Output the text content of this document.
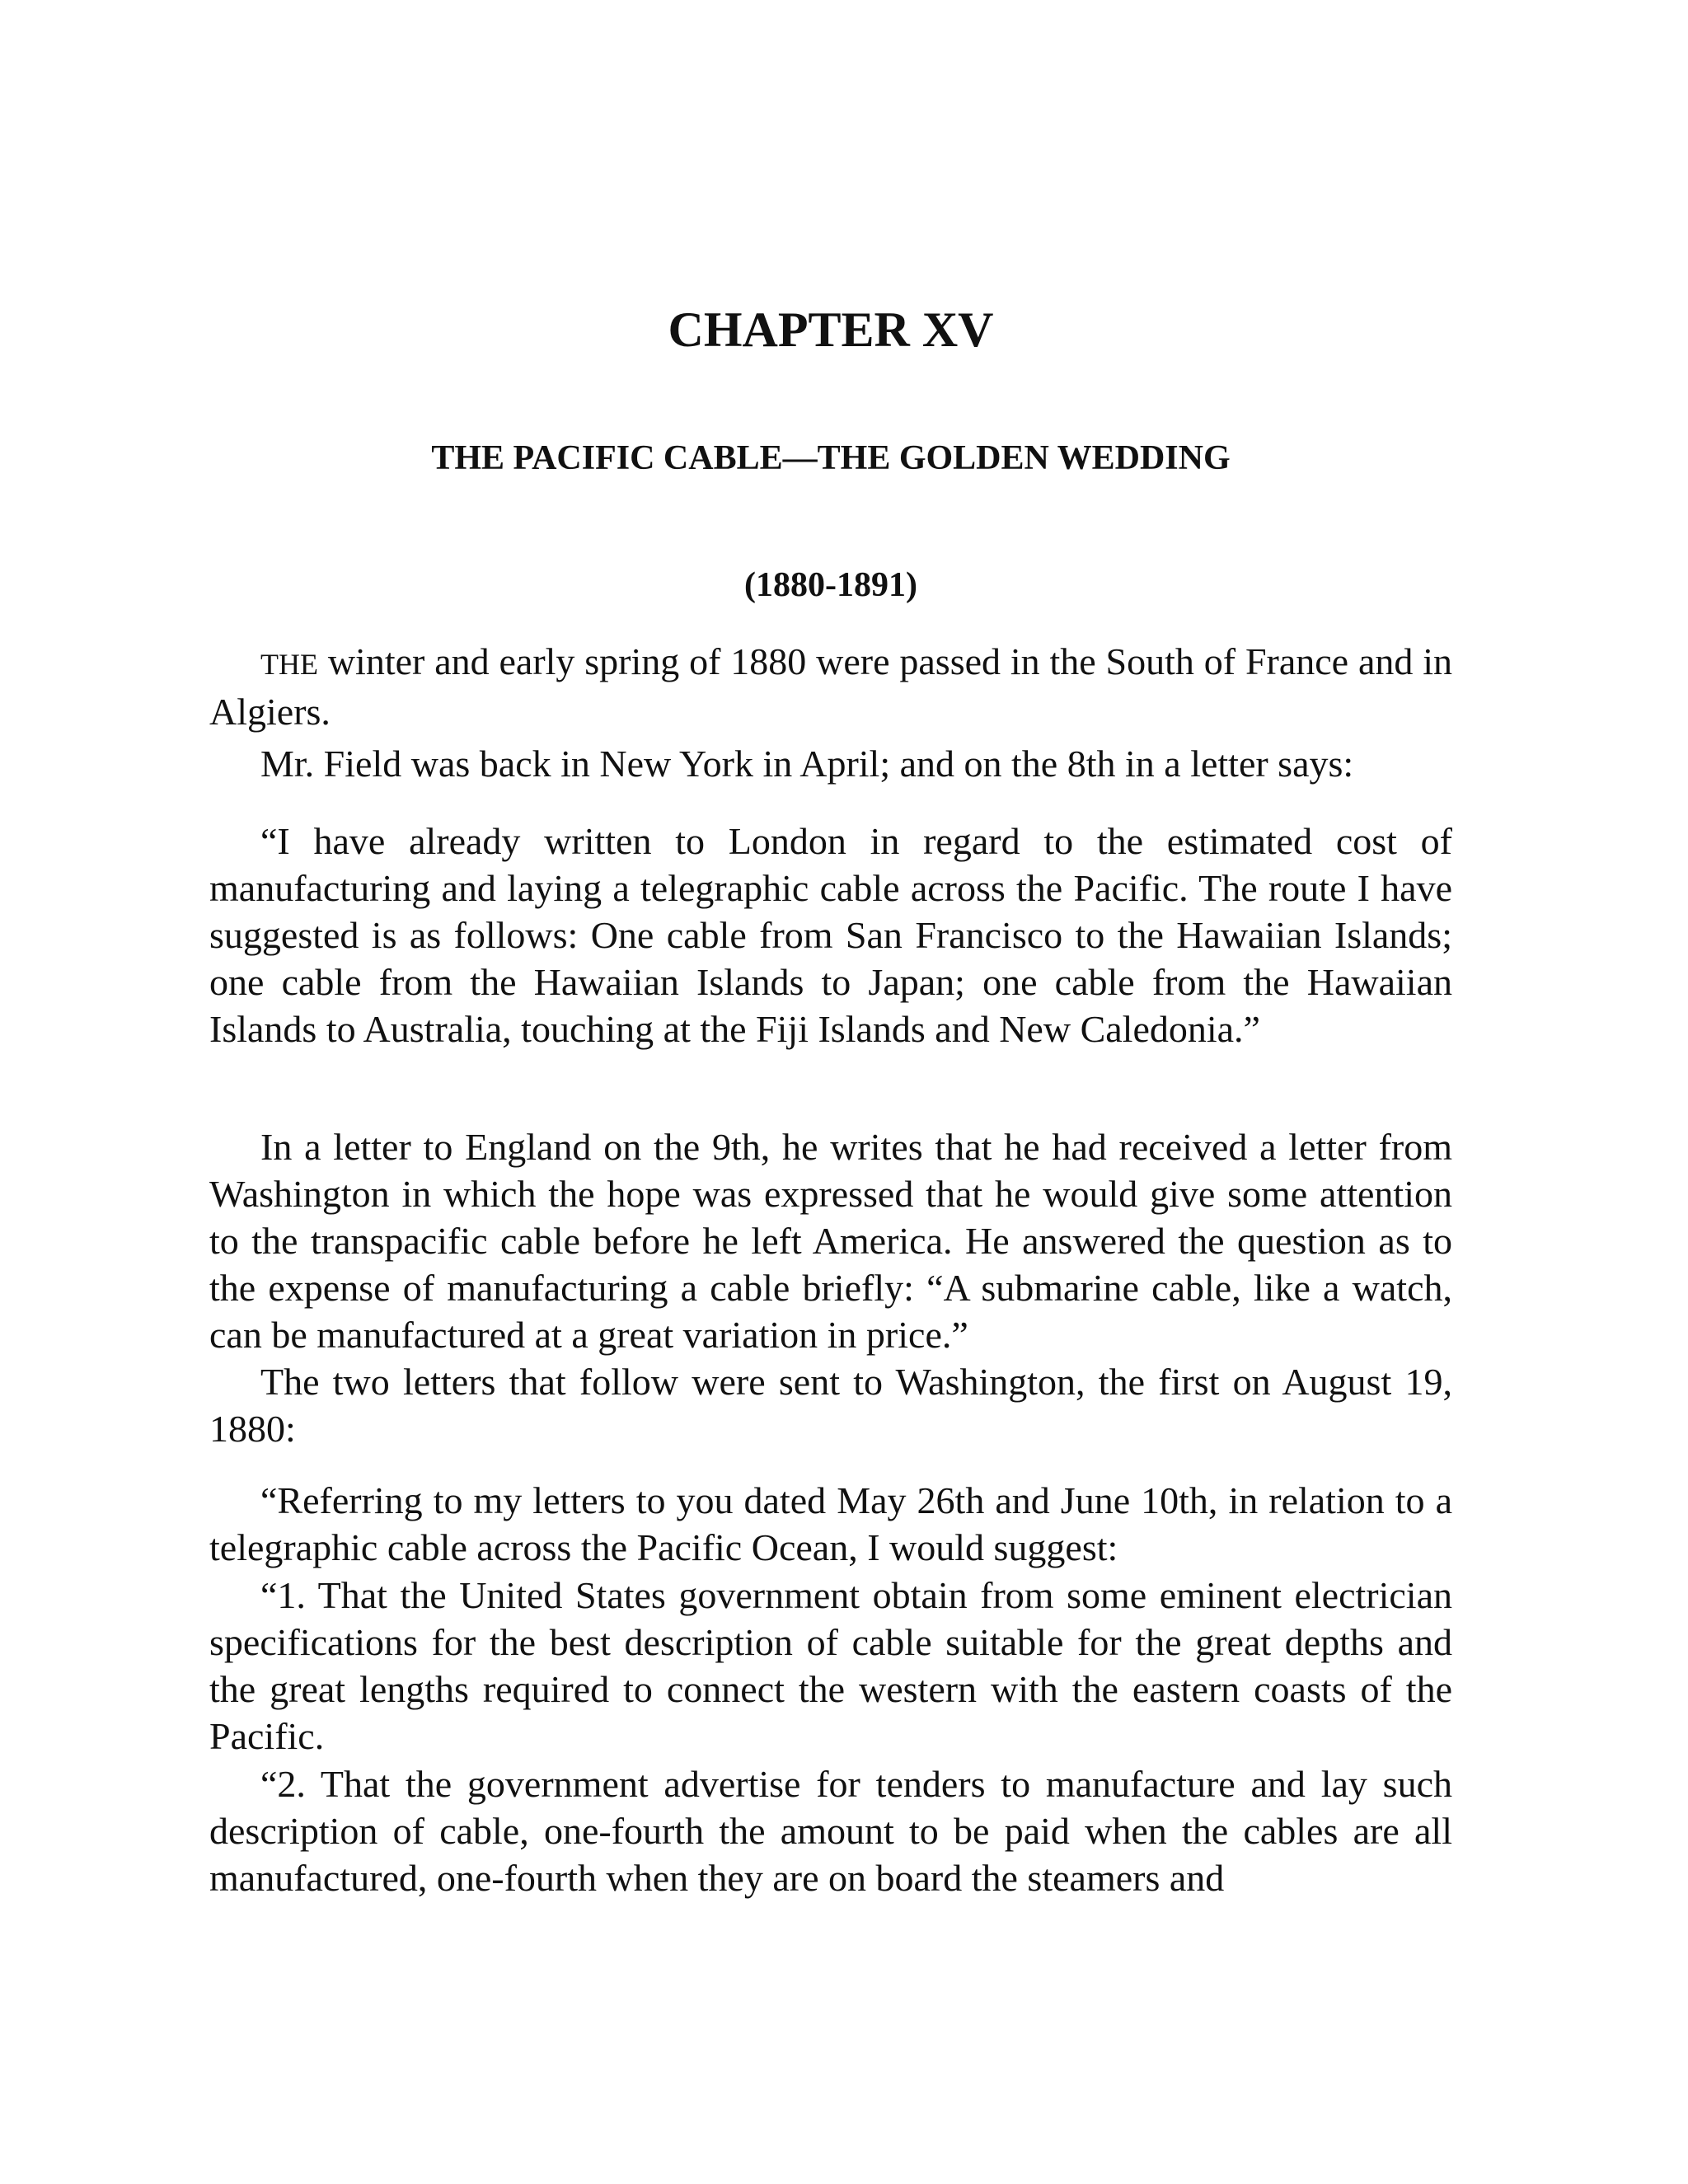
CHAPTER XV
THE PACIFIC CABLE—THE GOLDEN WEDDING
(1880-1891)

THE winter and early spring of 1880 were passed in the South of France and in Algiers.

Mr. Field was back in New York in April; and on the 8th in a letter says:

“I have already written to London in regard to the estimated cost of manufacturing and laying a telegraphic cable across the Pacific. The route I have suggested is as follows: One cable from San Francisco to the Hawaiian Islands; one cable from the Hawaiian Islands to Japan; one cable from the Hawaiian Islands to Australia, touching at the Fiji Islands and New Caledonia.”

In a letter to England on the 9th, he writes that he had received a letter from Washington in which the hope was expressed that he would give some attention to the transpacific cable before he left America. He answered the question as to the expense of manufacturing a cable briefly: “A submarine cable, like a watch, can be manufactured at a great variation in price.”

The two letters that follow were sent to Washington, the first on August 19, 1880:

“Referring to my letters to you dated May 26th and June 10th, in relation to a telegraphic cable across the Pacific Ocean, I would suggest:

“1. That the United States government obtain from some eminent electrician specifications for the best description of cable suitable for the great depths and the great lengths required to connect the western with the eastern coasts of the Pacific.

“2. That the government advertise for tenders to manufacture and lay such description of cable, one-fourth the amount to be paid when the cables are all manufactured, one-fourth when they are on board the steamers and
